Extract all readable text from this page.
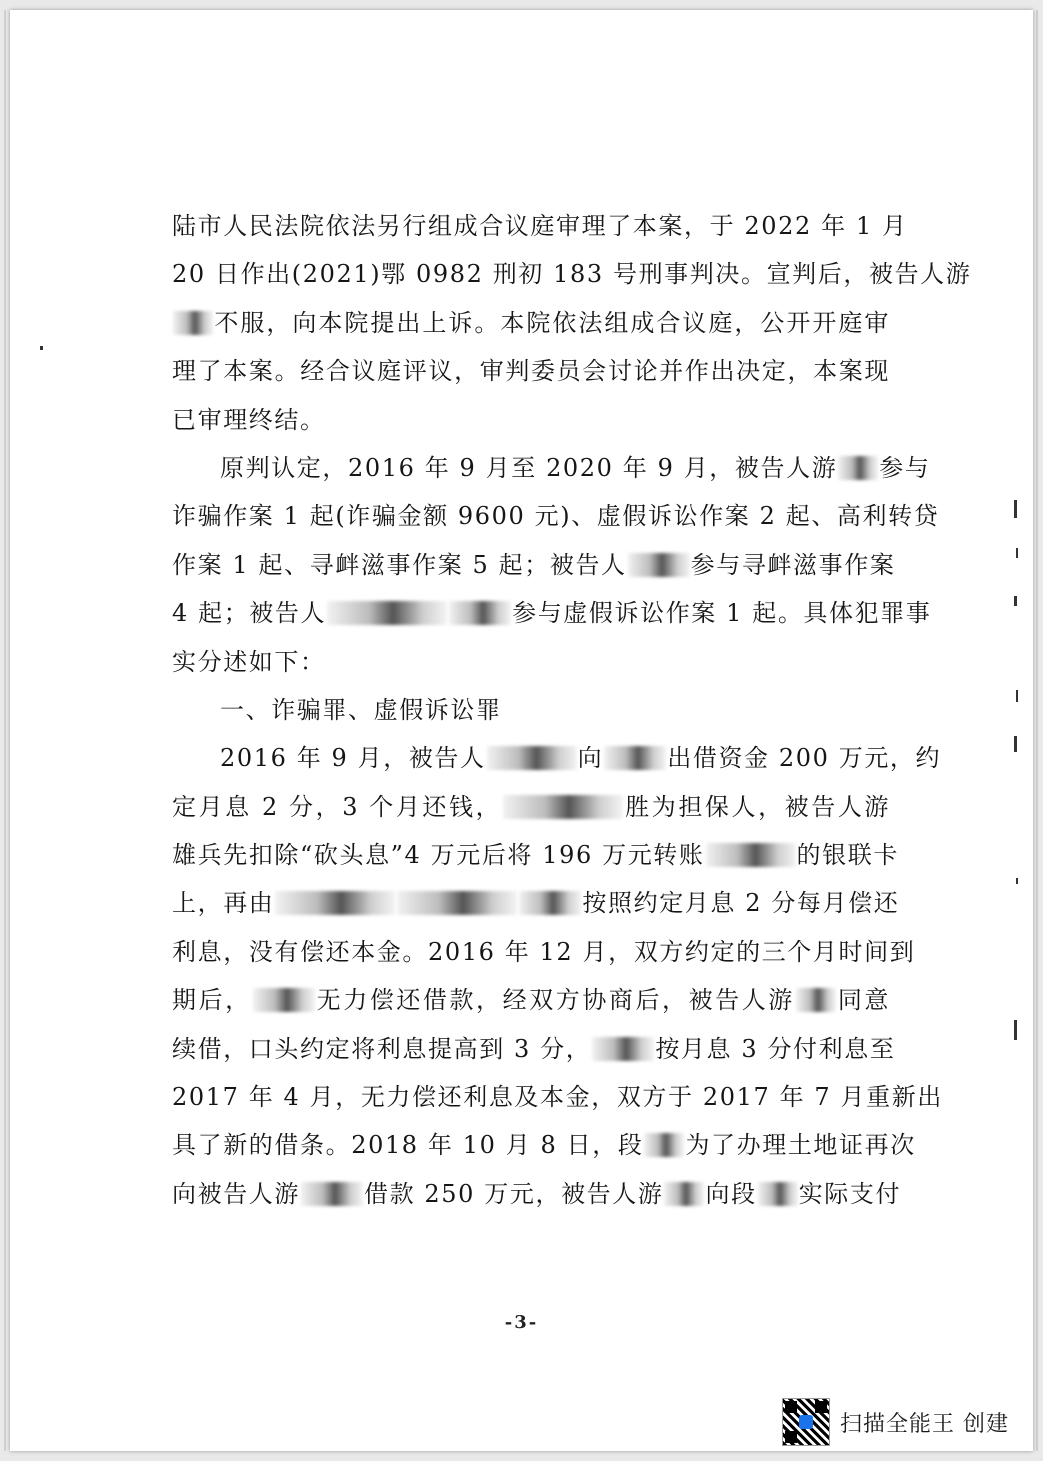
陆市人民法院依法另行组成合议庭审理了本案，于 2022 年 1 月
20 日作出(2021)鄂 0982 刑初 183 号刑事判决。宣判后，被告人游
不服，向本院提出上诉。本院依法组成合议庭，公开开庭审
理了本案。经合议庭评议，审判委员会讨论并作出决定，本案现
已审理终结。

原判认定，2016 年 9 月至 2020 年 9 月，被告人游 参与
诈骗作案 1 起(诈骗金额 9600 元)、虚假诉讼作案 2 起、高利转贷
作案 1 起、寻衅滋事作案 5 起；被告人	参与寻衅滋事作案
4 起；被告人	参与虚假诉讼作案 1 起。具体犯罪事
实分述如下：

一、诈骗罪、虚假诉讼罪

2016 年 9 月，被告人	向	出借资金 200 万元，约
定月息 2 分，3 个月还钱，	胜为担保人，被告人游
雄兵先扣除“砍头息”4 万元后将 196 万元转账	的银联卡
上，再由	按照约定月息 2 分每月偿还
利息，没有偿还本金。2016 年 12 月，双方约定的三个月时间到
期后，	无力偿还借款，经双方协商后，被告人游 同意
续借，口头约定将利息提高到 3 分，	按月息 3 分付利息至
2017 年 4 月，无力偿还利息及本金，双方于 2017 年 7 月重新出
具了新的借条。2018 年 10 月 8 日，段 为了办理土地证再次
向被告人游	借款 250 万元，被告人游 向段 实际支付

-3-
扫描全能王 创建
